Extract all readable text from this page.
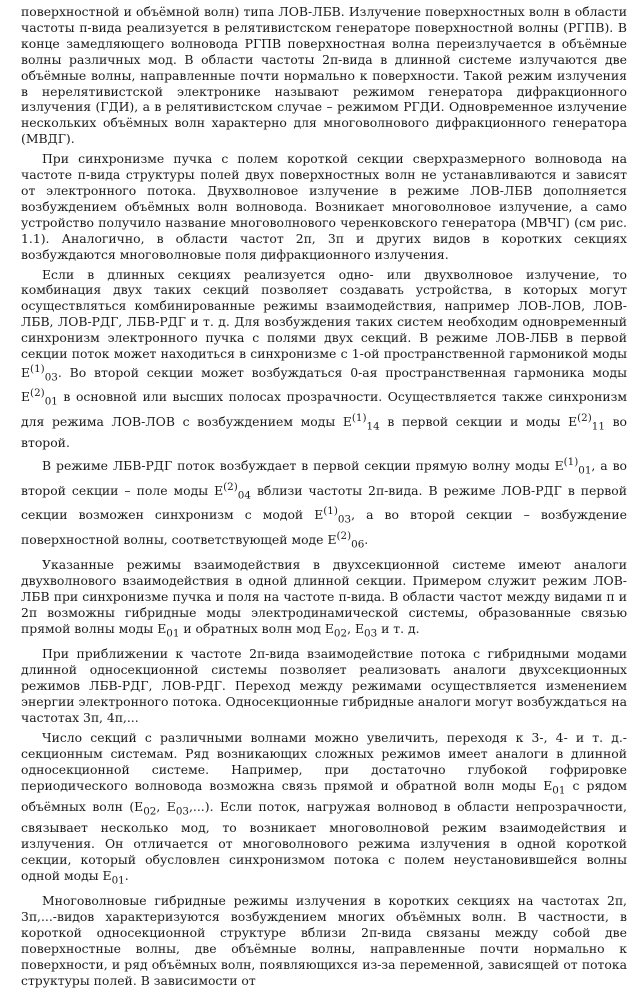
поверхностной и объёмной волн) типа ЛОВ-ЛБВ. Излучение поверхностных волн в области частоты π-вида реализуется в релятивистском генераторе поверхностной волны (РГПВ). В конце замедляющего волновода РГПВ поверхностная волна переизлучается в объёмные волны различных мод. В области частоты 2π-вида в длинной системе излучаются две объёмные волны, направленные почти нормально к поверхности. Такой режим излучения в нерелятивистской электронике называют режимом генератора дифракционного излучения (ГДИ), а в релятивистском случае – режимом РГДИ. Одновременное излучение нескольких объёмных волн характерно для многоволнового дифракционного генератора (МВДГ).

При синхронизме пучка с полем короткой секции сверхразмерного волновода на частоте π-вида структуры полей двух поверхностных волн не устанавливаются и зависят от электронного потока. Двухволновое излучение в режиме ЛОВ-ЛБВ дополняется возбуждением объёмных волн волновода. Возникает многоволновое излучение, а само устройство получило название многоволнового черенковского генератора (МВЧГ) (см рис. 1.1). Аналогично, в области частот 2π, 3π и других видов в коротких секциях возбуждаются многоволновые поля дифракционного излучения.

Если в длинных секциях реализуется одно- или двухволновое излучение, то комбинация двух таких секций позволяет создавать устройства, в которых могут осуществляться комбинированные режимы взаимодействия, например ЛОВ-ЛОВ, ЛОВ-ЛБВ, ЛОВ-РДГ, ЛБВ-РДГ и т. д. Для возбуждения таких систем необходим одновременный синхронизм электронного пучка с полями двух секций. В режиме ЛОВ-ЛБВ в первой секции поток может находиться в синхронизме с 1-ой пространственной гармоникой моды $E^{(1)}_{03}$. Во второй секции может возбуждаться 0-ая пространственная гармоника моды $E^{(2)}_{01}$ в основной или высших полосах прозрачности. Осуществляется также синхронизм для режима ЛОВ-ЛОВ с возбуждением моды $E^{(1)}_{14}$ в первой секции и моды $E^{(2)}_{11}$ во второй.

В режиме ЛБВ-РДГ поток возбуждает в первой секции прямую волну моды $E^{(1)}_{01}$, а во второй секции – поле моды $E^{(2)}_{04}$ вблизи частоты 2π-вида. В режиме ЛОВ-РДГ в первой секции возможен синхронизм с модой $E^{(1)}_{03}$, а во второй секции – возбуждение поверхностной волны, соответствующей моде $E^{(2)}_{06}$.

Указанные режимы взаимодействия в двухсекционной системе имеют аналоги двухволнового взаимодействия в одной длинной секции. Примером служит режим ЛОВ-ЛБВ при синхронизме пучка и поля на частоте π-вида. В области частот между видами π и 2π возможны гибридные моды электродинамической системы, образованные связью прямой волны моды $E_{01}$ и обратных волн мод $E_{02}$, $E_{03}$ и т. д.

При приближении к частоте 2π-вида взаимодействие потока с гибридными модами длинной односекционной системы позволяет реализовать аналоги двухсекционных режимов ЛБВ-РДГ, ЛОВ-РДГ. Переход между режимами осуществляется изменением энергии электронного потока. Односекционные гибридные аналоги могут возбуждаться на частотах 3π, 4π,...

Число секций с различными волнами можно увеличить, переходя к 3-, 4- и т. д.-секционным системам. Ряд возникающих сложных режимов имеет аналоги в длинной односекционной системе. Например, при достаточно глубокой гофрировке периодического волновода возможна связь прямой и обратной волн моды $E_{01}$ с рядом объёмных волн ($E_{02}$, $E_{03}$,...). Если поток, нагружая волновод в области непрозрачности, связывает несколько мод, то возникает многоволновой режим взаимодействия и излучения. Он отличается от многоволнового режима излучения в одной короткой секции, который обусловлен синхронизмом потока с полем неустановившейся волны одной моды $E_{01}$.

Многоволновые гибридные режимы излучения в коротких секциях на частотах 2π, 3π,...-видов характеризуются возбуждением многих объёмных волн. В частности, в короткой односекционной структуре вблизи 2π-вида связаны между собой две поверхностные волны, две объёмные волны, направленные почти нормально к поверхности, и ряд объёмных волн, появляющихся из-за переменной, зависящей от потока структуры полей. В зависимости от
